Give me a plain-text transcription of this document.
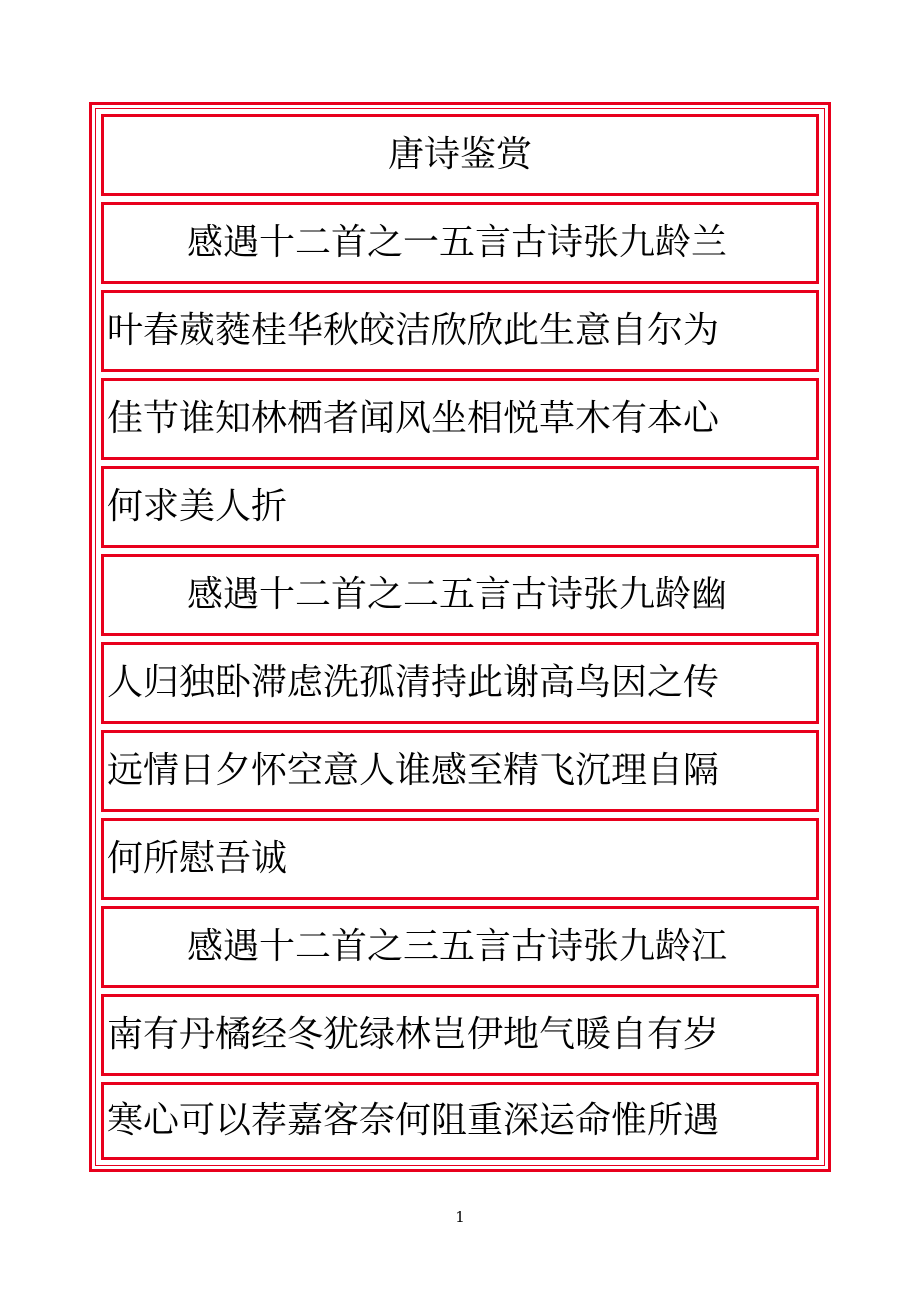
唐诗鉴赏
感遇十二首之一五言古诗张九龄兰
叶春葳蕤桂华秋皎洁欣欣此生意自尔为
佳节谁知林栖者闻风坐相悦草木有本心
何求美人折
感遇十二首之二五言古诗张九龄幽
人归独卧滞虑洗孤清持此谢高鸟因之传
远情日夕怀空意人谁感至精飞沉理自隔
何所慰吾诚
感遇十二首之三五言古诗张九龄江
南有丹橘经冬犹绿林岂伊地气暖自有岁
寒心可以荐嘉客奈何阻重深运命惟所遇
1
